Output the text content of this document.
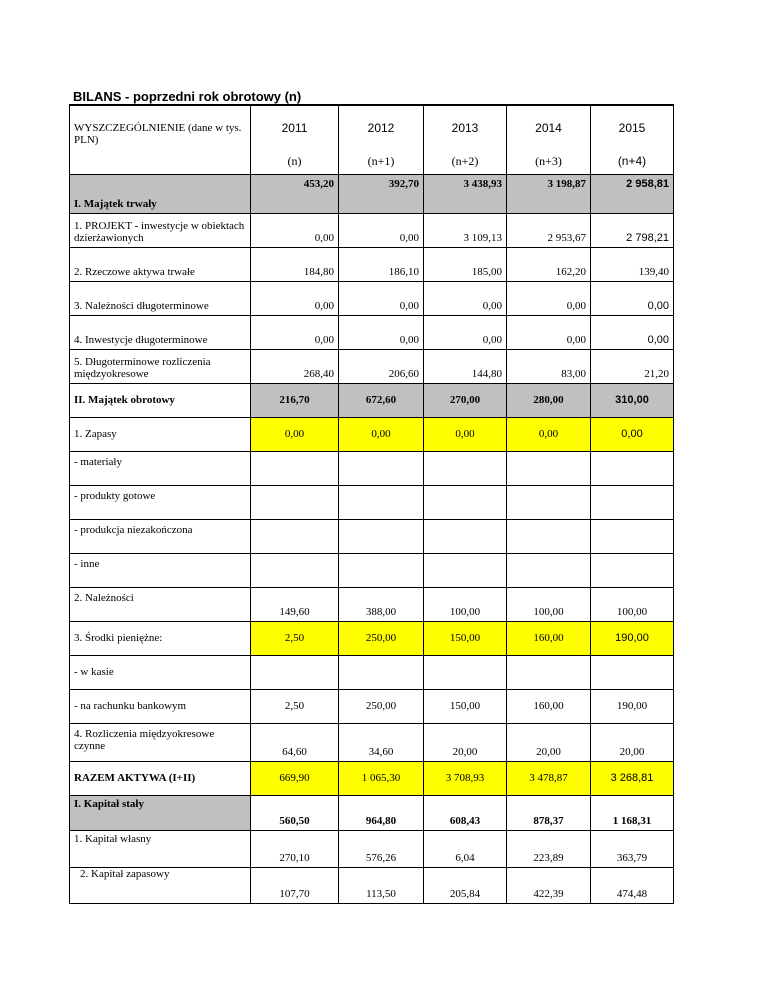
BILANS - poprzedni rok obrotowy (n)
WYSZCZEGÓLNIENIE (dane w tys. PLN)	2011	2012	2013	2014	2015
	(n)	(n+1)	(n+2)	(n+3)	(n+4)
I. Majątek trwały	453,20	392,70	3 438,93	3 198,87	2 958,81
1. PROJEKT - inwestycje w obiektach dzierżawionych	0,00	0,00	3 109,13	2 953,67	2 798,21
2. Rzeczowe aktywa trwałe	184,80	186,10	185,00	162,20	139,40
3. Należności długoterminowe	0,00	0,00	0,00	0,00	0,00
4. Inwestycje długoterminowe	0,00	0,00	0,00	0,00	0,00
5. Długoterminowe rozliczenia międzyokresowe	268,40	206,60	144,80	83,00	21,20
II. Majątek obrotowy	216,70	672,60	270,00	280,00	310,00
1. Zapasy	0,00	0,00	0,00	0,00	0,00
- materiały					
- produkty gotowe					
- produkcja niezakończona					
- inne					
2. Należności	149,60	388,00	100,00	100,00	100,00
3. Środki pieniężne:	2,50	250,00	150,00	160,00	190,00
- w kasie					
- na rachunku bankowym	2,50	250,00	150,00	160,00	190,00
4. Rozliczenia międzyokresowe czynne	64,60	34,60	20,00	20,00	20,00
RAZEM AKTYWA (I+II)	669,90	1 065,30	3 708,93	3 478,87	3 268,81
I. Kapitał stały	560,50	964,80	608,43	878,37	1 168,31
1. Kapitał własny	270,10	576,26	6,04	223,89	363,79
2. Kapitał zapasowy	107,70	113,50	205,84	422,39	474,48
